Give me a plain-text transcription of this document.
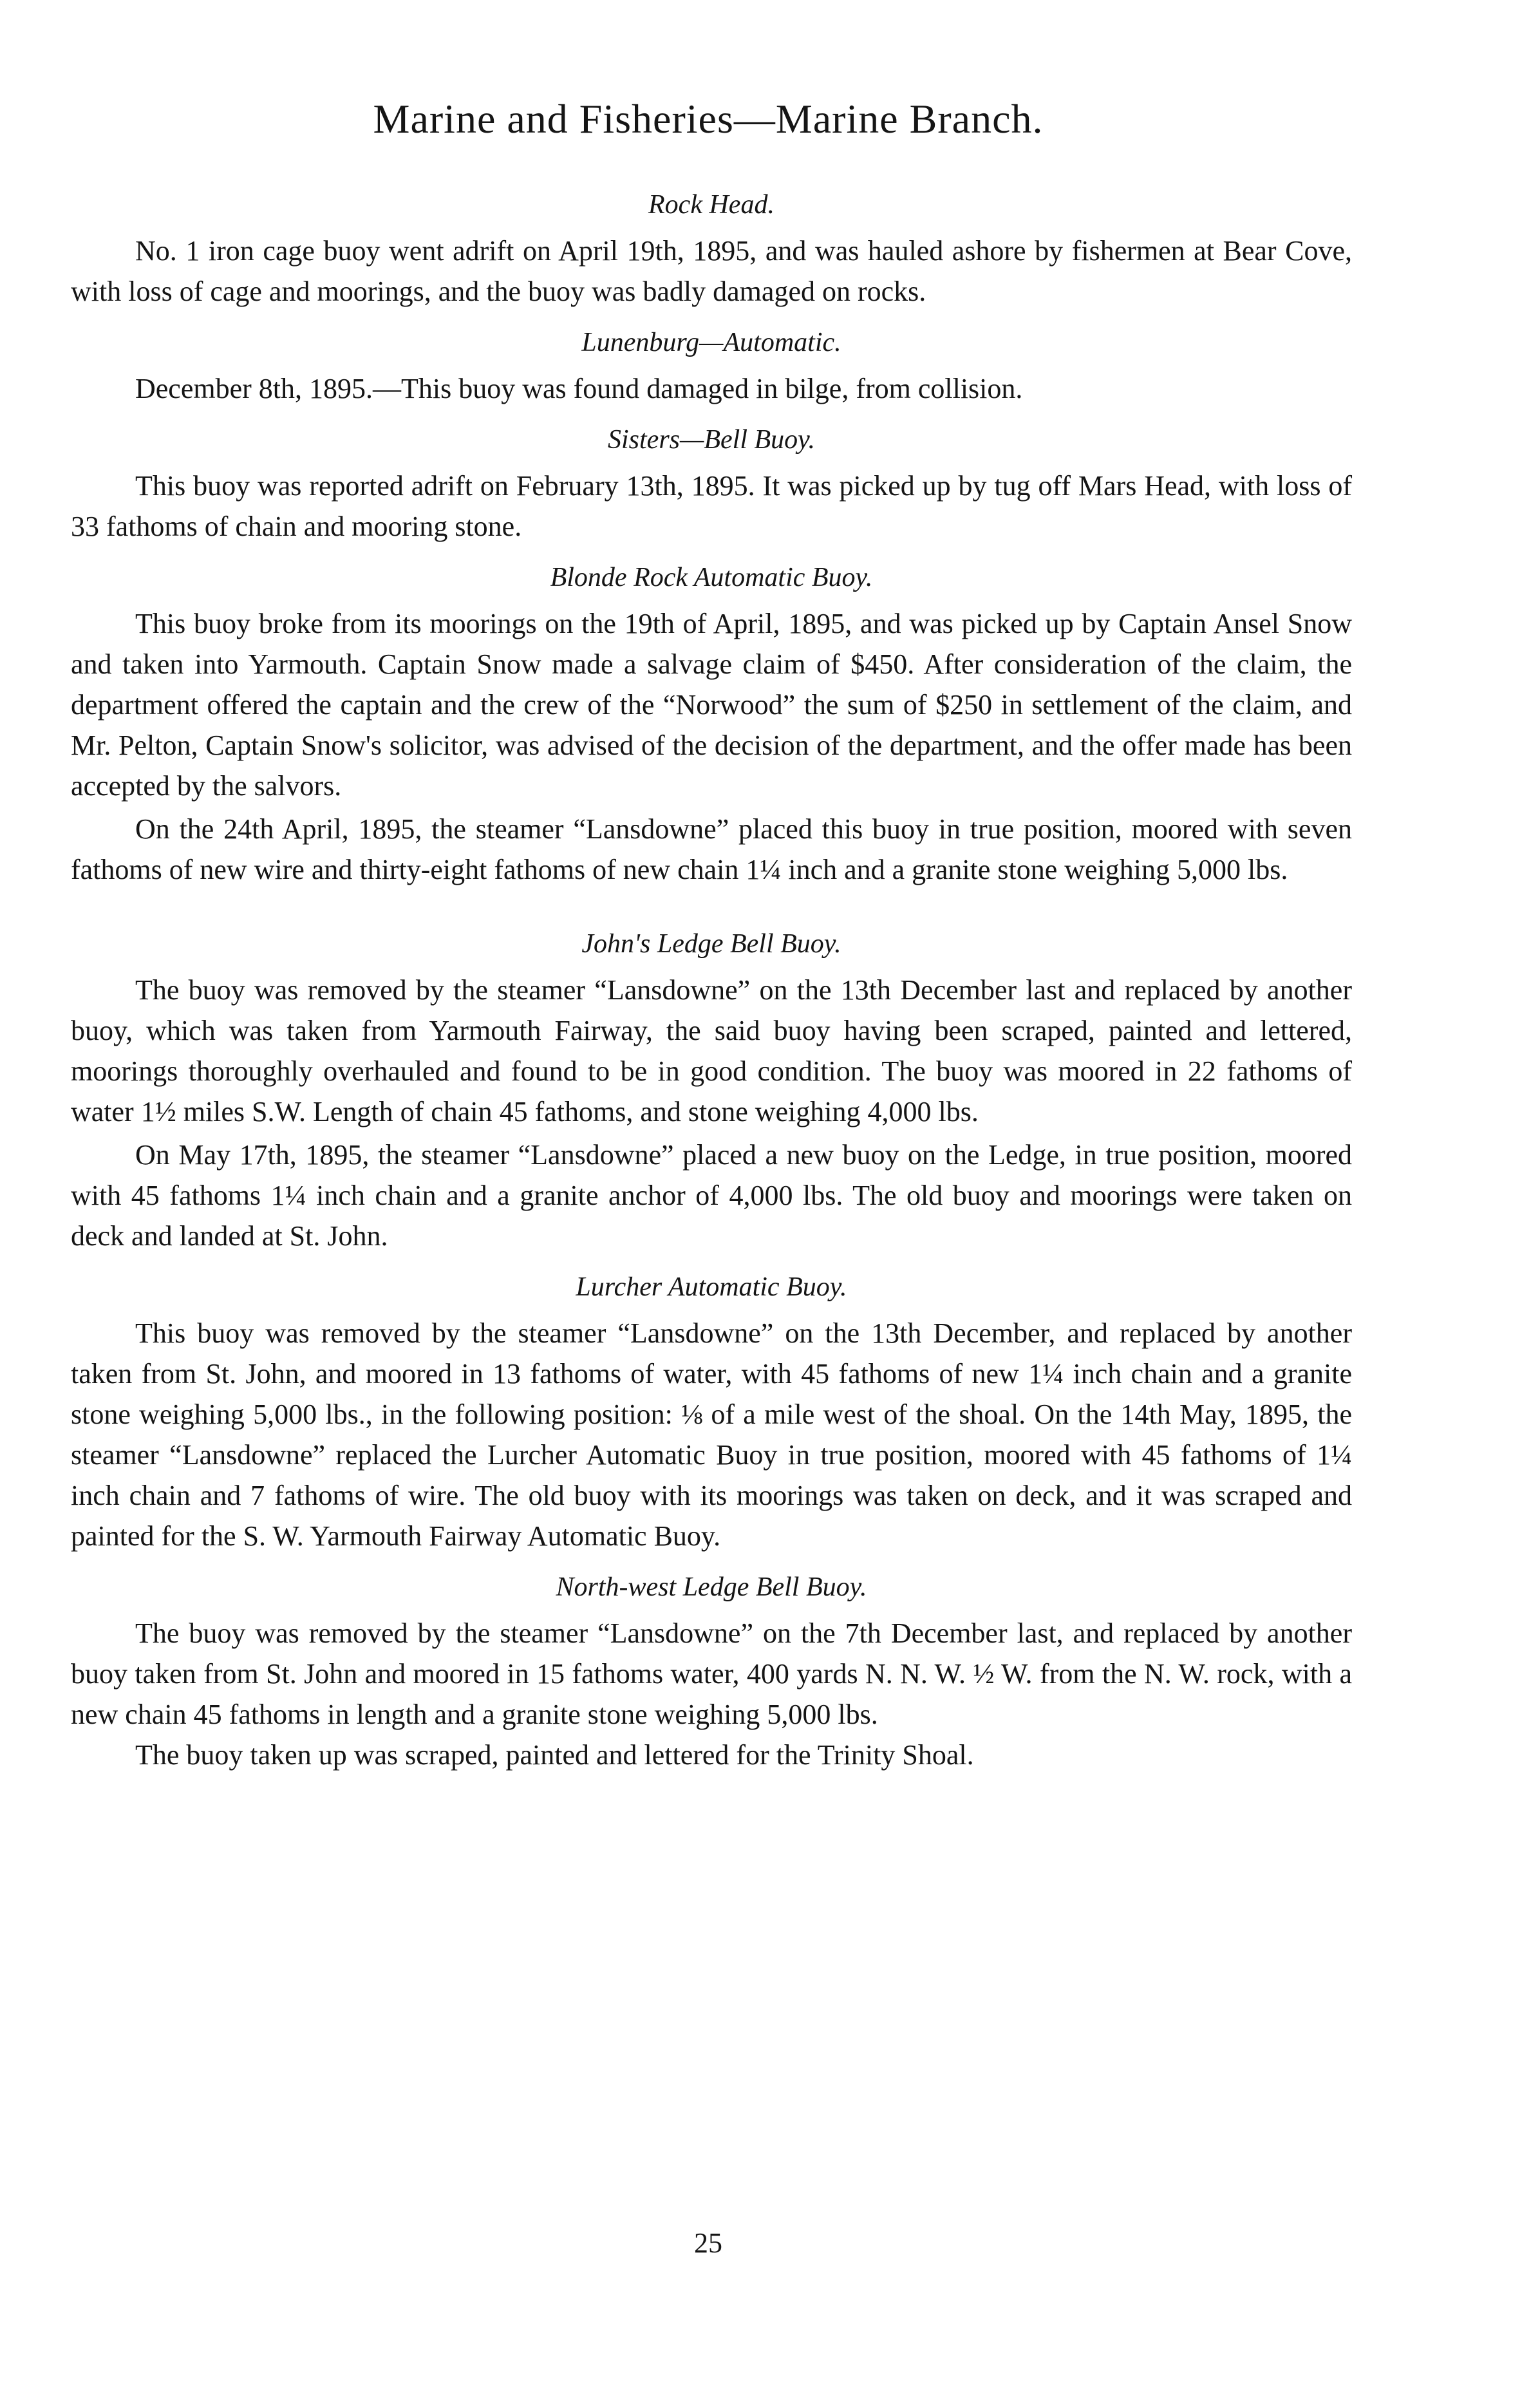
Marine and Fisheries—Marine Branch.
Rock Head.

No. 1 iron cage buoy went adrift on April 19th, 1895, and was hauled ashore by fishermen at Bear Cove, with loss of cage and moorings, and the buoy was badly damaged on rocks.

Lunenburg—Automatic.

December 8th, 1895.—This buoy was found damaged in bilge, from collision.

Sisters—Bell Buoy.

This buoy was reported adrift on February 13th, 1895. It was picked up by tug off Mars Head, with loss of 33 fathoms of chain and mooring stone.

Blonde Rock Automatic Buoy.

This buoy broke from its moorings on the 19th of April, 1895, and was picked up by Captain Ansel Snow and taken into Yarmouth. Captain Snow made a salvage claim of $450. After consideration of the claim, the department offered the captain and the crew of the “Norwood” the sum of $250 in settlement of the claim, and Mr. Pelton, Captain Snow's solicitor, was advised of the decision of the department, and the offer made has been accepted by the salvors.

On the 24th April, 1895, the steamer “Lansdowne” placed this buoy in true position, moored with seven fathoms of new wire and thirty-eight fathoms of new chain 1¼ inch and a granite stone weighing 5,000 lbs.

John's Ledge Bell Buoy.

The buoy was removed by the steamer “Lansdowne” on the 13th December last and replaced by another buoy, which was taken from Yarmouth Fairway, the said buoy having been scraped, painted and lettered, moorings thoroughly overhauled and found to be in good condition. The buoy was moored in 22 fathoms of water 1½ miles S.W. Length of chain 45 fathoms, and stone weighing 4,000 lbs.

On May 17th, 1895, the steamer “Lansdowne” placed a new buoy on the Ledge, in true position, moored with 45 fathoms 1¼ inch chain and a granite anchor of 4,000 lbs. The old buoy and moorings were taken on deck and landed at St. John.

Lurcher Automatic Buoy.

This buoy was removed by the steamer “Lansdowne” on the 13th December, and replaced by another taken from St. John, and moored in 13 fathoms of water, with 45 fathoms of new 1¼ inch chain and a granite stone weighing 5,000 lbs., in the following position: ⅛ of a mile west of the shoal. On the 14th May, 1895, the steamer “Lansdowne” replaced the Lurcher Automatic Buoy in true position, moored with 45 fathoms of 1¼ inch chain and 7 fathoms of wire. The old buoy with its moorings was taken on deck, and it was scraped and painted for the S. W. Yarmouth Fairway Automatic Buoy.

North-west Ledge Bell Buoy.

The buoy was removed by the steamer “Lansdowne” on the 7th December last, and replaced by another buoy taken from St. John and moored in 15 fathoms water, 400 yards N. N. W. ½ W. from the N. W. rock, with a new chain 45 fathoms in length and a granite stone weighing 5,000 lbs.

The buoy taken up was scraped, painted and lettered for the Trinity Shoal.

25
